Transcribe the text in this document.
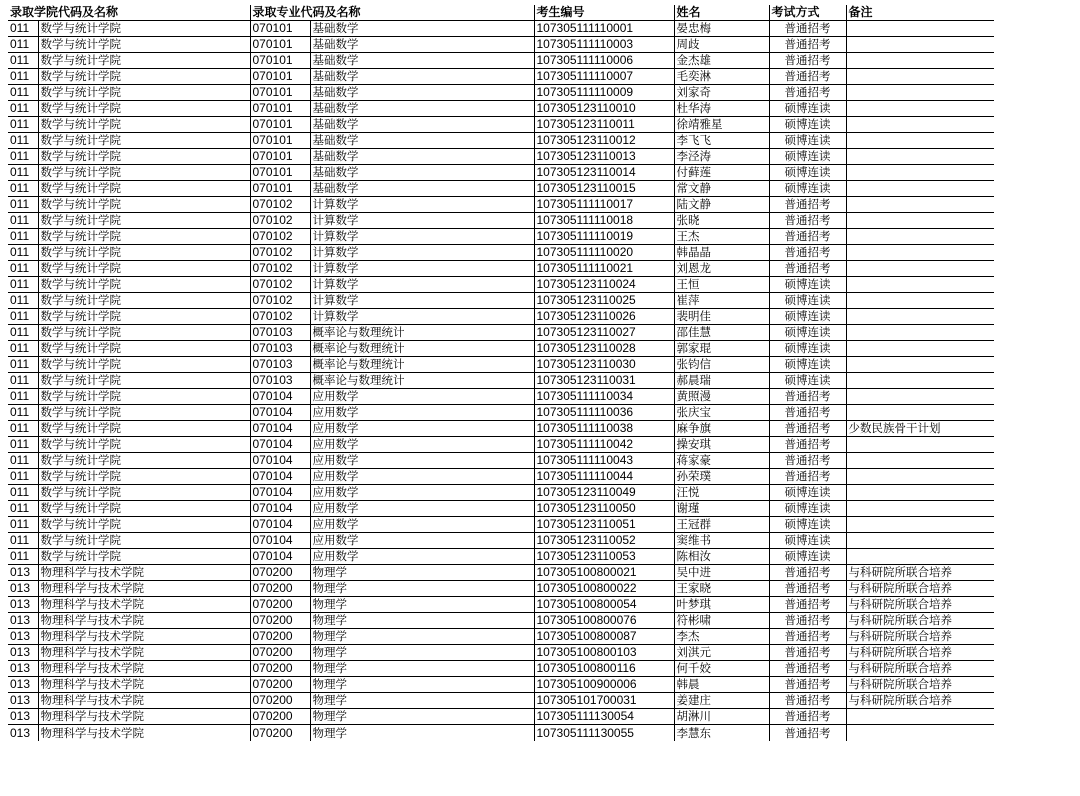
录取学院代码及名称		录取专业代码及名称		考生编号	姓名	考试方式	备注
011	数学与统计学院	070101	基础数学	107305111110001	晏忠梅	普通招考	
011	数学与统计学院	070101	基础数学	107305111110003	周歧	普通招考	
011	数学与统计学院	070101	基础数学	107305111110006	金杰雄	普通招考	
011	数学与统计学院	070101	基础数学	107305111110007	毛奕淋	普通招考	
011	数学与统计学院	070101	基础数学	107305111110009	刘家奇	普通招考	
011	数学与统计学院	070101	基础数学	107305123110010	杜华涛	硕博连读	
011	数学与统计学院	070101	基础数学	107305123110011	徐靖雅星	硕博连读	
011	数学与统计学院	070101	基础数学	107305123110012	李飞飞	硕博连读	
011	数学与统计学院	070101	基础数学	107305123110013	李泾涛	硕博连读	
011	数学与统计学院	070101	基础数学	107305123110014	付藓莲	硕博连读	
011	数学与统计学院	070101	基础数学	107305123110015	常文静	硕博连读	
011	数学与统计学院	070102	计算数学	107305111110017	陆文静	普通招考	
011	数学与统计学院	070102	计算数学	107305111110018	张晓	普通招考	
011	数学与统计学院	070102	计算数学	107305111110019	王杰	普通招考	
011	数学与统计学院	070102	计算数学	107305111110020	韩晶晶	普通招考	
011	数学与统计学院	070102	计算数学	107305111110021	刘恩龙	普通招考	
011	数学与统计学院	070102	计算数学	107305123110024	王恒	硕博连读	
011	数学与统计学院	070102	计算数学	107305123110025	崔萍	硕博连读	
011	数学与统计学院	070102	计算数学	107305123110026	裴明佳	硕博连读	
011	数学与统计学院	070103	概率论与数理统计	107305123110027	邵佳慧	硕博连读	
011	数学与统计学院	070103	概率论与数理统计	107305123110028	郭家琨	硕博连读	
011	数学与统计学院	070103	概率论与数理统计	107305123110030	张钧信	硕博连读	
011	数学与统计学院	070103	概率论与数理统计	107305123110031	郝晨瑞	硕博连读	
011	数学与统计学院	070104	应用数学	107305111110034	黄照漫	普通招考	
011	数学与统计学院	070104	应用数学	107305111110036	张庆宝	普通招考	
011	数学与统计学院	070104	应用数学	107305111110038	麻争旗	普通招考	少数民族骨干计划
011	数学与统计学院	070104	应用数学	107305111110042	操安琪	普通招考	
011	数学与统计学院	070104	应用数学	107305111110043	蒋家豪	普通招考	
011	数学与统计学院	070104	应用数学	107305111110044	孙荣璞	普通招考	
011	数学与统计学院	070104	应用数学	107305123110049	汪悦	硕博连读	
011	数学与统计学院	070104	应用数学	107305123110050	谢瑾	硕博连读	
011	数学与统计学院	070104	应用数学	107305123110051	王冠群	硕博连读	
011	数学与统计学院	070104	应用数学	107305123110052	窦维书	硕博连读	
011	数学与统计学院	070104	应用数学	107305123110053	陈相汝	硕博连读	
013	物理科学与技术学院	070200	物理学	107305100800021	吴中进	普通招考	与科研院所联合培养
013	物理科学与技术学院	070200	物理学	107305100800022	王家晓	普通招考	与科研院所联合培养
013	物理科学与技术学院	070200	物理学	107305100800054	叶梦琪	普通招考	与科研院所联合培养
013	物理科学与技术学院	070200	物理学	107305100800076	符彬啸	普通招考	与科研院所联合培养
013	物理科学与技术学院	070200	物理学	107305100800087	李杰	普通招考	与科研院所联合培养
013	物理科学与技术学院	070200	物理学	107305100800103	刘淇元	普通招考	与科研院所联合培养
013	物理科学与技术学院	070200	物理学	107305100800116	何千姣	普通招考	与科研院所联合培养
013	物理科学与技术学院	070200	物理学	107305100900006	韩晨	普通招考	与科研院所联合培养
013	物理科学与技术学院	070200	物理学	107305101700031	姜建庄	普通招考	与科研院所联合培养
013	物理科学与技术学院	070200	物理学	107305111130054	胡淋川	普通招考	
013	物理科学与技术学院	070200	物理学	107305111130055	李慧东	普通招考	
